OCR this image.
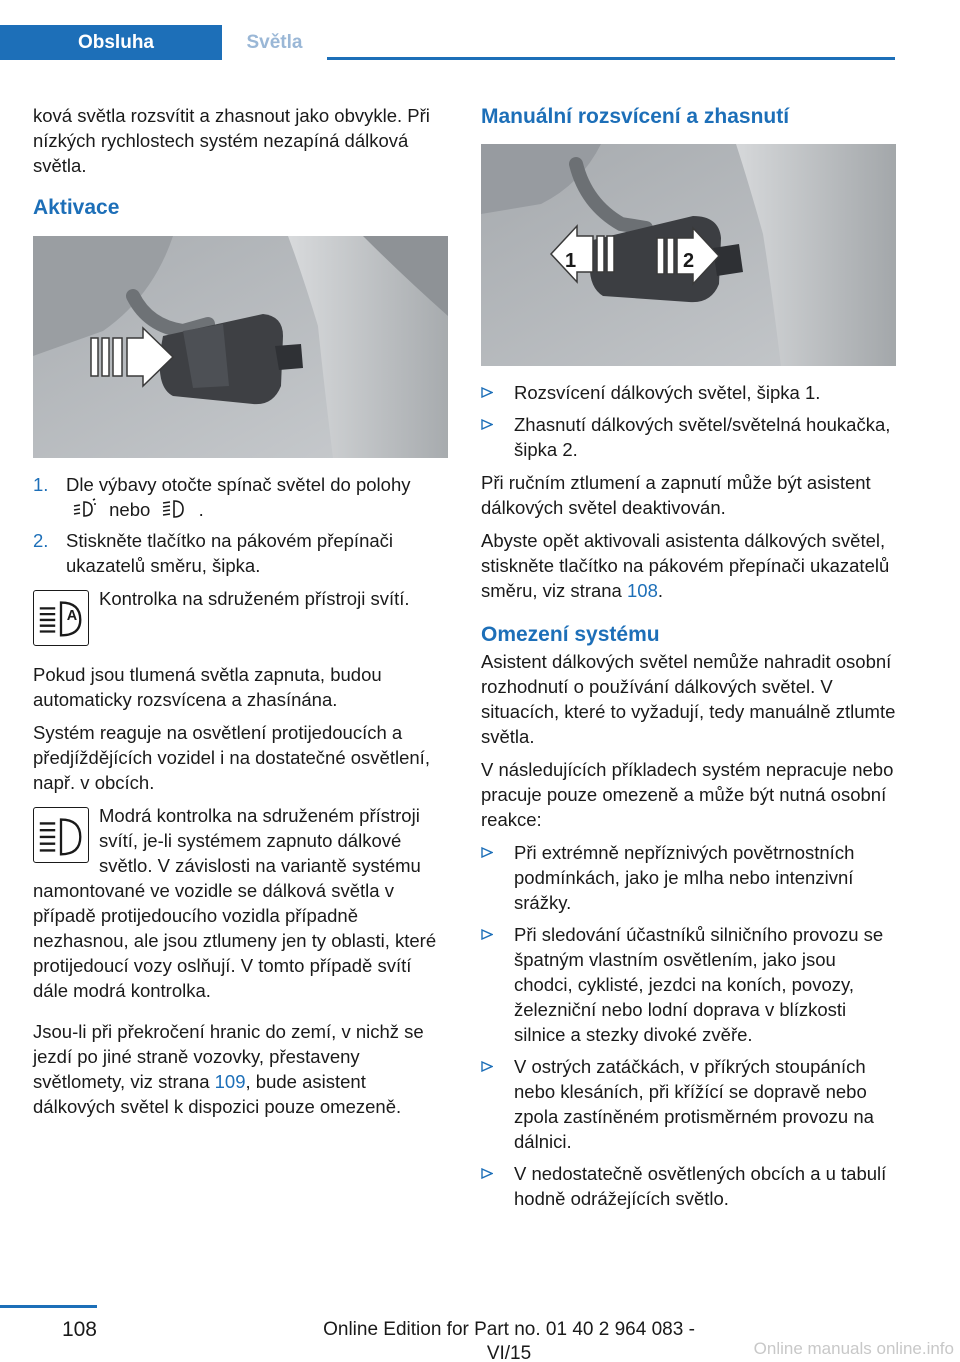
Obsluha	Světla

ková světla rozsvítit a zhasnout jako obvykle. Při nízkých rychlostech systém nezapíná dálková světla.

Aktivace
1. Dle výbavy otočte spínač světel do polohy
nebo	.
2. Stiskněte tlačítko na pákovém přepínači ukazatelů směru, šipka.
A

Kontrolka na sdruženém přístroji svítí.

Pokud jsou tlumená světla zapnuta, budou automaticky rozsvícena a zhasínána.

Systém reaguje na osvětlení protijedoucích a předjíždějících vozidel i na dostatečné osvětlení, např. v obcích.

Modrá kontrolka na sdruženém přístroji svítí, je-li systémem zapnuto dálkové světlo. V závislosti na variantě systému namontované ve vozidle se dálková světla v případě protijedoucího vozidla případně nezhasnou, ale jsou ztlumeny jen ty oblasti, které protijedoucí vozy oslňují. V tomto případě svítí dále modrá kontrolka.

Jsou-li při překročení hranic do zemí, v nichž se jezdí po jiné straně vozovky, přestaveny světlomety, viz strana 109, bude asistent dálkových světel k dispozici pouze omezeně.

Manuální rozsvícení a zhasnutí
1	2
Rozsvícení dálkových světel, šipka 1.
Zhasnutí dálkových světel/světelná houkačka, šipka 2.

Při ručním ztlumení a zapnutí může být asistent dálkových světel deaktivován.

Abyste opět aktivovali asistenta dálkových světel, stiskněte tlačítko na pákovém přepínači ukazatelů směru, viz strana 108.

Omezení systému

Asistent dálkových světel nemůže nahradit osobní rozhodnutí o používání dálkových světel. V situacích, které to vyžadují, tedy manuálně ztlumte světla.

V následujících příkladech systém nepracuje nebo pracuje pouze omezeně a může být nutná osobní reakce:

Při extrémně nepříznivých povětrnostních podmínkách, jako je mlha nebo intenzivní srážky.
Při sledování účastníků silničního provozu se špatným vlastním osvětlením, jako jsou chodci, cyklisté, jezdci na koních, povozy, železniční nebo lodní doprava v blízkosti silnice a stezky divoké zvěře.
V ostrých zatáčkách, v příkrých stoupáních nebo klesáních, při křížící se dopravě nebo zpola zastíněném protisměrném provozu na dálnici.
V nedostatečně osvětlených obcích a u tabulí hodně odrážejících světlo.
108	Online Edition for Part no. 01 40 2 964 083 - VI/15	Online manuals online.info
